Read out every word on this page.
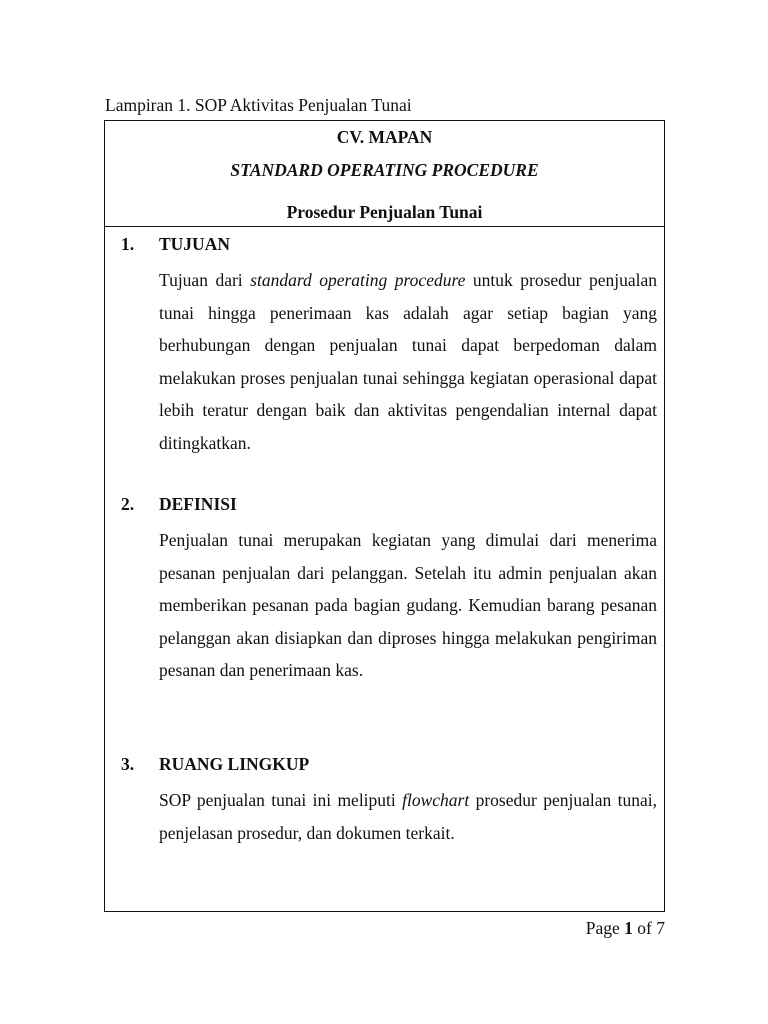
Lampiran 1. SOP Aktivitas Penjualan Tunai
CV. MAPAN
STANDARD OPERATING PROCEDURE
Prosedur Penjualan Tunai
1. TUJUAN
Tujuan dari standard operating procedure untuk prosedur penjualan tunai hingga penerimaan kas adalah agar setiap bagian yang berhubungan dengan penjualan tunai dapat berpedoman dalam melakukan proses penjualan tunai sehingga kegiatan operasional dapat lebih teratur dengan baik dan aktivitas pengendalian internal dapat ditingkatkan.
2. DEFINISI
Penjualan tunai merupakan kegiatan yang dimulai dari menerima pesanan penjualan dari pelanggan. Setelah itu admin penjualan akan memberikan pesanan pada bagian gudang. Kemudian barang pesanan pelanggan akan disiapkan dan diproses hingga melakukan pengiriman pesanan dan penerimaan kas.
3. RUANG LINGKUP
SOP penjualan tunai ini meliputi flowchart prosedur penjualan tunai, penjelasan prosedur, dan dokumen terkait.
Page 1 of 7
